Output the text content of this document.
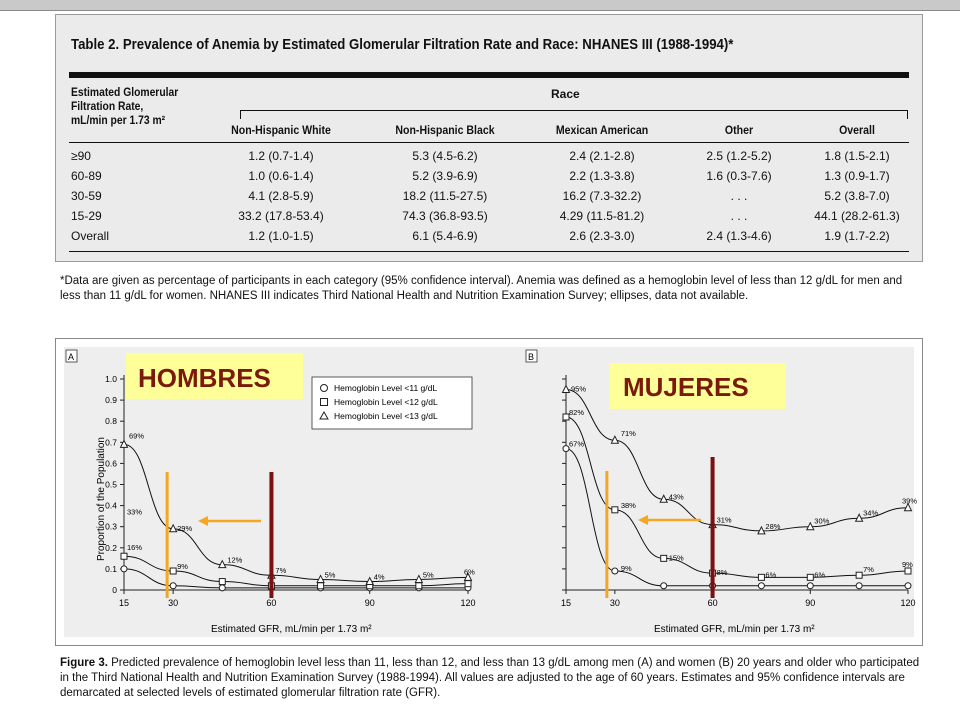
Table 2. Prevalence of Anemia by Estimated Glomerular Filtration Rate and Race: NHANES III (1988-1994)*
Estimated Glomerular
Filtration Rate,
mL/min per 1.73 m²
Race
Non-Hispanic White	Non-Hispanic Black	Mexican American	Other	Overall
≥90	1.2 (0.7-1.4)	5.3 (4.5-6.2)	2.4 (2.1-2.8)	2.5 (1.2-5.2)	1.8 (1.5-2.1)
60-89	1.0 (0.6-1.4)	5.2 (3.9-6.9)	2.2 (1.3-3.8)	1.6 (0.3-7.6)	1.3 (0.9-1.7)
30-59	4.1 (2.8-5.9)	18.2 (11.5-27.5)	16.2 (7.3-32.2)	. . .	5.2 (3.8-7.0)
15-29	33.2 (17.8-53.4)	74.3 (36.8-93.5)	4.29 (11.5-81.2)	. . .	44.1 (28.2-61.3)
Overall	1.2 (1.0-1.5)	6.1 (5.4-6.9)	2.6 (2.3-3.0)	2.4 (1.3-4.6)	1.9 (1.7-2.2)
*Data are given as percentage of participants in each category (95% confidence interval). Anemia was defined as a hemoglobin level of less than 12 g/dL for men and less than 11 g/dL for women. NHANES III indicates Third National Health and Nutrition Examination Survey; ellipses, data not available.
A	B
15	30	60	90	120
0
0.1
0.2
0.3
0.4
0.5
0.6
0.7
0.8
0.9
1.0
69%
33%
16%
29%
9%
12%
7%	5%	4%	5%	6%
15	30	60	90	120
95%
82%
67%
71%
38%
9%
43%
15%
31%
8%
28%
6%
30%
6%
34%
7%
39%
9%
Proportion of the Population
Estimated GFR, mL/min per 1.73 m²	Estimated GFR, mL/min per 1.73 m²
Hemoglobin Level <11 g/dL
Hemoglobin Level <12 g/dL
Hemoglobin Level <13 g/dL
HOMBRES	MUJERES
Figure 3. Predicted prevalence of hemoglobin level less than 11, less than 12, and less than 13 g/dL among men (A) and women (B) 20 years and older who participated in the Third National Health and Nutrition Examination Survey (1988-1994). All values are adjusted to the age of 60 years. Estimates and 95% confidence intervals are demarcated at selected levels of estimated glomerular filtration rate (GFR).
